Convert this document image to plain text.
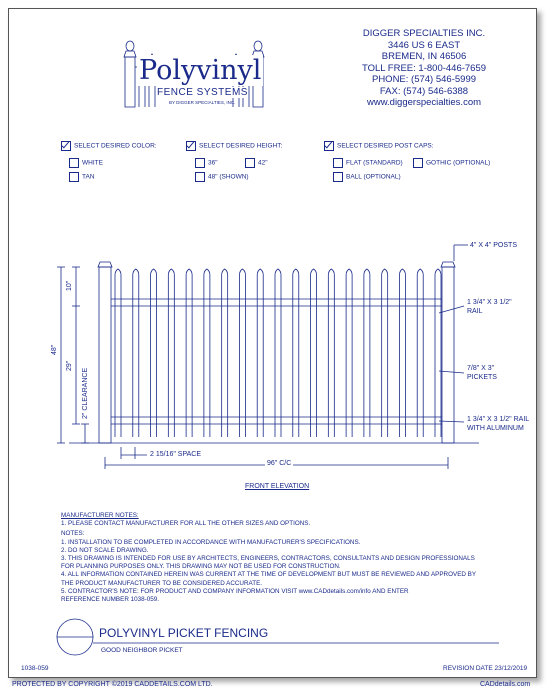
Polyvinyl
FENCE SYSTEMS
BY DIGGER SPECIALTIES, INC.
DIGGER SPECIALTIES INC.
3446 US 6 EAST
BREMEN, IN 46506
TOLL FREE: 1-800-446-7659
PHONE: (574) 546-5999
FAX: (574) 546-6388
www.diggerspecialties.com
SELECT DESIRED COLOR:
WHITE
TAN
SELECT DESIRED HEIGHT:
36"	42"
48" (SHOWN)
SELECT DESIRED POST CAPS:
FLAT (STANDARD)	GOTHIC (OPTIONAL)
BALL (OPTIONAL)
4" X 4" POSTS
1 3/4" X 3 1/2"
RAIL
7/8" X 3"
PICKETS
1 3/4" X 3 1/2" RAIL
WITH ALUMINUM
48"
10"
29"
2" CLEARANCE
2 15/16" SPACE
96" C/C
FRONT ELEVATION
MANUFACTURER NOTES:
1. PLEASE CONTACT MANUFACTURER FOR ALL THE OTHER SIZES AND OPTIONS.
NOTES:
1. INSTALLATION TO BE COMPLETED IN ACCORDANCE WITH MANUFACTURER'S SPECIFICATIONS.
2. DO NOT SCALE DRAWING.
3. THIS DRAWING IS INTENDED FOR USE BY ARCHITECTS, ENGINEERS, CONTRACTORS, CONSULTANTS AND DESIGN PROFESSIONALS
FOR PLANNING PURPOSES ONLY. THIS DRAWING MAY NOT BE USED FOR CONSTRUCTION.
4. ALL INFORMATION CONTAINED HEREIN WAS CURRENT AT THE TIME OF DEVELOPMENT BUT MUST BE REVIEWED AND APPROVED BY
THE PRODUCT MANUFACTURER TO BE CONSIDERED ACCURATE.
5. CONTRACTOR'S NOTE: FOR PRODUCT AND COMPANY INFORMATION VISIT www.CADdetails.com/info AND ENTER
REFERENCE NUMBER 1038-059.
POLYVINYL PICKET FENCING
GOOD NEIGHBOR PICKET
1038-059	REVISION DATE 23/12/2019
PROTECTED BY COPYRIGHT ©2019 CADDETAILS.COM LTD.	CADdetails.com
